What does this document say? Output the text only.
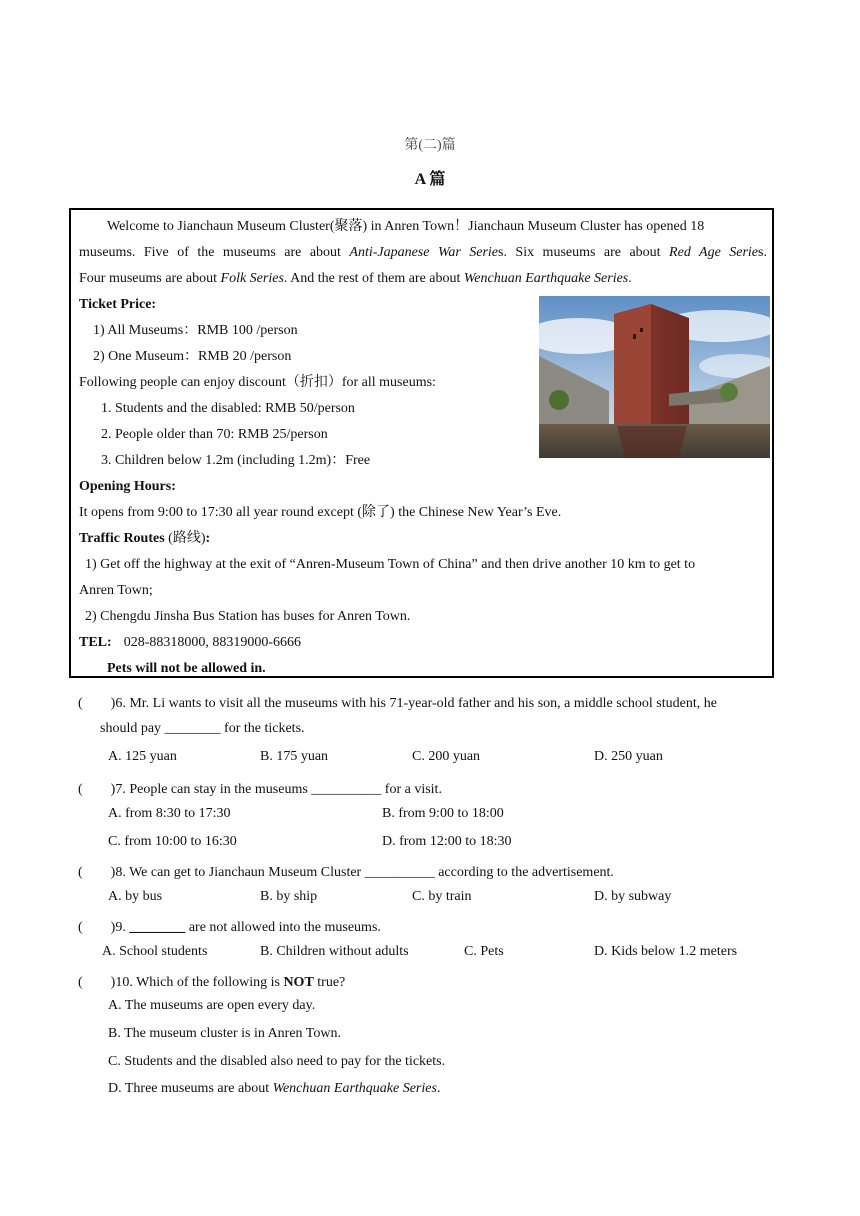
第(二)篇
A 篇
Welcome to Jianchaun Museum Cluster(聚落) in Anren Town！Jianchaun Museum Cluster has opened 18
museums. Five of the museums are about Anti-Japanese War Series. Six museums are about Red Age Series.
Four museums are about Folk Series. And the rest of them are about Wenchuan Earthquake Series.
Ticket Price:
1) All Museums：RMB 100 /person
2) One Museum：RMB 20 /person
Following people can enjoy discount（折扣）for all museums:
1. Students and the disabled: RMB 50/person
2. People older than 70: RMB 25/person
3. Children below 1.2m (including 1.2m)：Free
Opening Hours:
It opens from 9:00 to 17:30 all year round except (除了) the Chinese New Year’s Eve.
Traffic Routes (路线):
1) Get off the highway at the exit of “Anren-Museum Town of China” and then drive another 10 km to get to
Anren Town;
2) Chengdu Jinsha Bus Station has buses for Anren Town.
TEL: 028-88318000, 88319000-6666
Pets will not be allowed in.
(　　)6. Mr. Li wants to visit all the museums with his 71-year-old father and his son, a middle school student, he
should pay ________ for the tickets.
A. 125 yuan	B. 175 yuan	C. 200 yuan	D. 250 yuan
(　　)7. People can stay in the museums __________ for a visit.
A. from 8:30 to 17:30	B. from 9:00 to 18:00
C. from 10:00 to 16:30	D. from 12:00 to 18:30
(　　)8. We can get to Jianchaun Museum Cluster __________ according to the advertisement.
A. by bus	B. by ship	C. by train	D. by subway
(　　)9. ________ are not allowed into the museums.
A. School students	B. Children without adults	C. Pets	D. Kids below 1.2 meters
(　　)10. Which of the following is NOT true?
A. The museums are open every day.
B. The museum cluster is in Anren Town.
C. Students and the disabled also need to pay for the tickets.
D. Three museums are about Wenchuan Earthquake Series.
